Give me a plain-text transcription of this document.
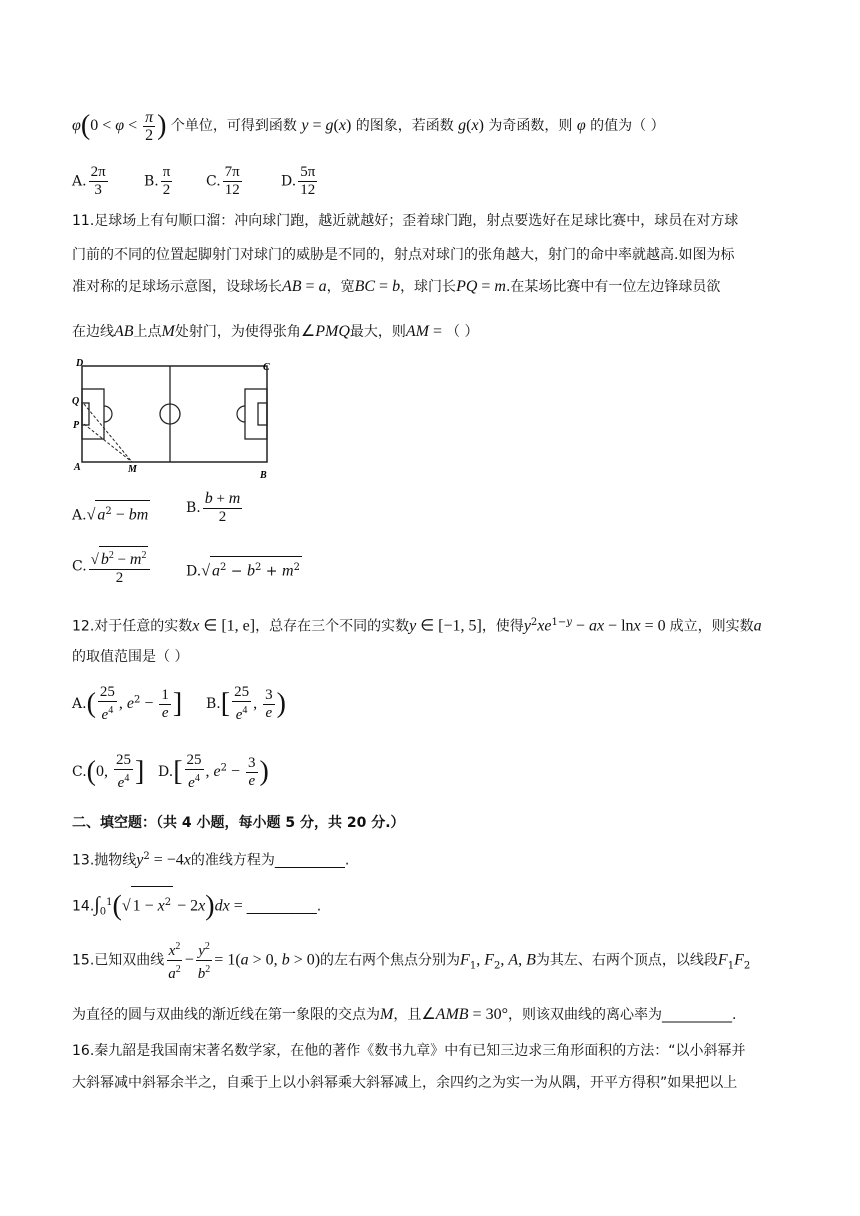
$\varphi(0 < \varphi < \frac{\pi}{2}$ ) 个单位，可得到函数 y = g(x) 的图象，若函数 g(x) 为奇函数，则 φ 的值为（ ）
A. $\frac{2\pi}{3}$	B. $\frac{\pi}{2} C$. $\frac{7\pi}{12}$	D. $\frac{5\pi}{12}$
11.足球场上有句顺口溜：冲向球门跑，越近就越好；歪着球门跑，射点要选好在足球比赛中，球员在对方球
门前的不同的位置起脚射门对球门的威胁是不同的，射点对球门的张角越大，射门的命中率就越高.如图为标
准对称的足球场示意图，设球场长AB = a，宽BC = b，球门长PQ = m.在某场比赛中有一位左边锋球员欲
在边线AB上点M处射门，为使得张角∠PMQ最大，则AM = （ ）
D	C
Q
P
A	M
B
A.√ $a^2$ − bm	B. $\frac{b + m}{2}$
C. $\frac{√ b^2 - m^2}{2}$	D.√ $a^2 - b^2 + m^2$
12.对于任意的实数x ∈ [1, e]，总存在三个不同的实数y ∈ [−1, 5]，使得$y^2xe^{1-y}$ − ax − lnx = 0 成立，则实数a
的取值范围是（ ）
$A.( \frac{25}{e^4}$ , $e^2 - \frac{1}{e}$ ] $B.[ \frac{25}{e^4}$ , $\frac{3}{e}$ )
C.(0, $\frac{25}{e^4}$ ] $D.[ \frac{25}{e^4}$ , $e^2 - \frac{3}{e}$ )
二、填空题：（共 4 小题，每小题 5 分，共 20 分.）
13.抛物线$y^2 = -4x$的准线方程为__________.
$14.\int_0^1(√$ $1 - x^2 - 2x)dx$ = __________.
15.已知双曲线 $\frac{x^2}{a^2} - \frac{y^2}{b^2} = 1(a > 0$, b > 0)的左右两个焦点分别为$F_1$, $F_2$, A, B为其左、右两个顶点，以线段$F_1F_2$
为直径的圆与双曲线的渐近线在第一象限的交点为M，且∠AMB = 30°，则该双曲线的离心率为__________.
16.秦九韶是我国南宋著名数学家，在他的著作《数书九章》中有已知三边求三角形面积的方法：“以小斜幂并
大斜幂减中斜幂余半之，自乘于上以小斜幂乘大斜幂减上，余四约之为实一为从隅，开平方得积”如果把以上
